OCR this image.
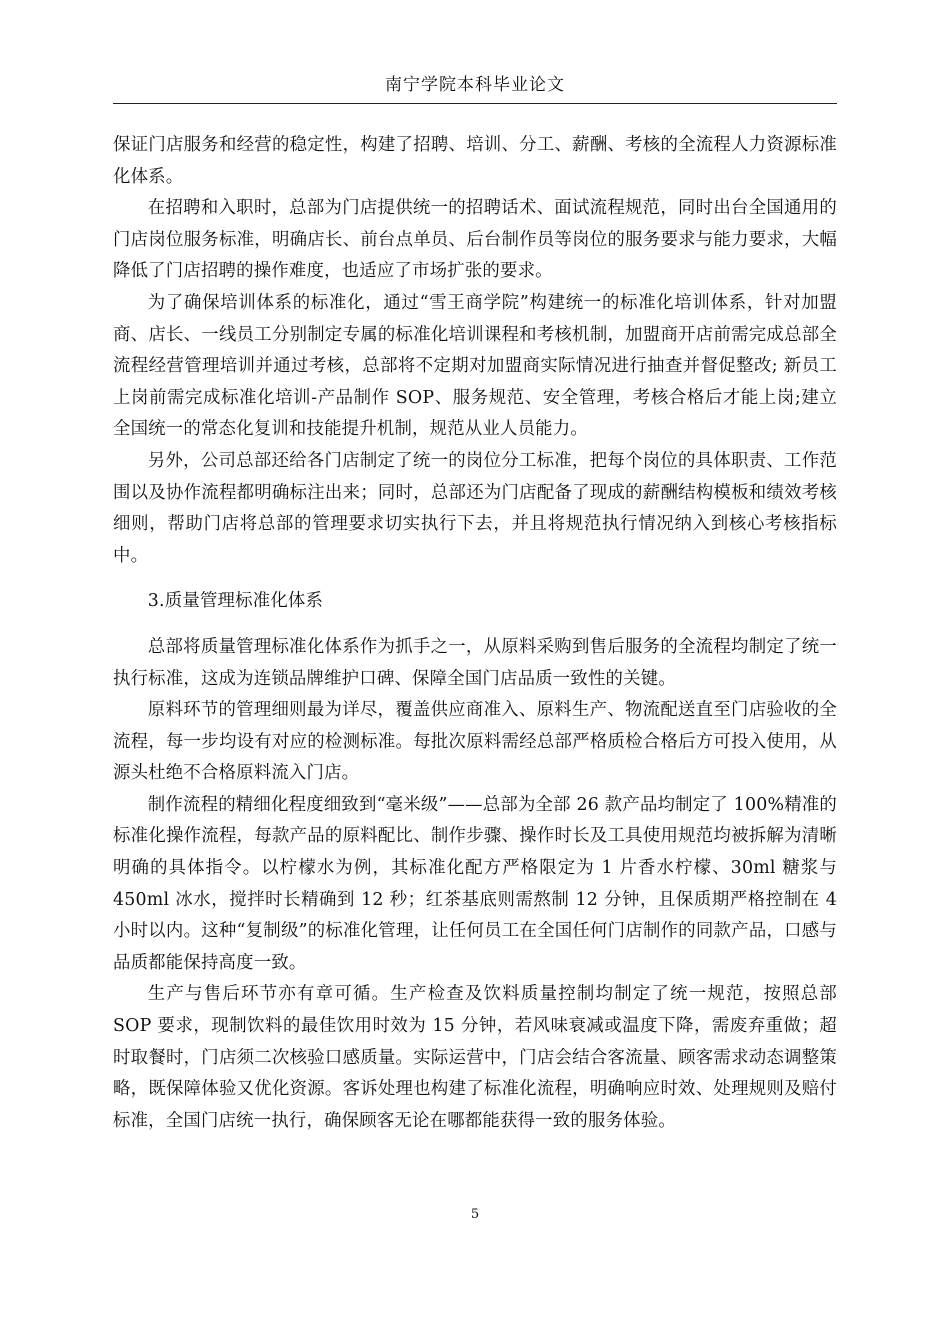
南宁学院本科毕业论文

保证门店服务和经营的稳定性，构建了招聘、培训、分工、薪酬、考核的全流程人力资源标准化体系。

在招聘和入职时，总部为门店提供统一的招聘话术、面试流程规范，同时出台全国通用的门店岗位服务标准，明确店长、前台点单员、后台制作员等岗位的服务要求与能力要求，大幅降低了门店招聘的操作难度，也适应了市场扩张的要求。

为了确保培训体系的标准化，通过“雪王商学院”构建统一的标准化培训体系，针对加盟商、店长、一线员工分别制定专属的标准化培训课程和考核机制，加盟商开店前需完成总部全流程经营管理培训并通过考核，总部将不定期对加盟商实际情况进行抽查并督促整改; 新员工上岗前需完成标准化培训-产品制作 SOP、服务规范、安全管理，考核合格后才能上岗;建立全国统一的常态化复训和技能提升机制，规范从业人员能力。

另外，公司总部还给各门店制定了统一的岗位分工标准，把每个岗位的具体职责、工作范围以及协作流程都明确标注出来；同时，总部还为门店配备了现成的薪酬结构模板和绩效考核细则，帮助门店将总部的管理要求切实执行下去，并且将规范执行情况纳入到核心考核指标中。

3.质量管理标准化体系

总部将质量管理标准化体系作为抓手之一，从原料采购到售后服务的全流程均制定了统一执行标准，这成为连锁品牌维护口碑、保障全国门店品质一致性的关键。

原料环节的管理细则最为详尽，覆盖供应商准入、原料生产、物流配送直至门店验收的全流程，每一步均设有对应的检测标准。每批次原料需经总部严格质检合格后方可投入使用，从源头杜绝不合格原料流入门店。

制作流程的精细化程度细致到“毫米级”——总部为全部 26 款产品均制定了 100%精准的标准化操作流程，每款产品的原料配比、制作步骤、操作时长及工具使用规范均被拆解为清晰明确的具体指令。以柠檬水为例，其标准化配方严格限定为 1 片香水柠檬、30ml 糖浆与 450ml 冰水，搅拌时长精确到 12 秒；红茶基底则需熬制 12 分钟，且保质期严格控制在 4 小时以内。这种“复制级”的标准化管理，让任何员工在全国任何门店制作的同款产品，口感与品质都能保持高度一致。

生产与售后环节亦有章可循。生产检查及饮料质量控制均制定了统一规范，按照总部 SOP 要求，现制饮料的最佳饮用时效为 15 分钟，若风味衰减或温度下降，需废弃重做；超时取餐时，门店须二次核验口感质量。实际运营中，门店会结合客流量、顾客需求动态调整策略，既保障体验又优化资源。客诉处理也构建了标准化流程，明确响应时效、处理规则及赔付标准，全国门店统一执行，确保顾客无论在哪都能获得一致的服务体验。

5
